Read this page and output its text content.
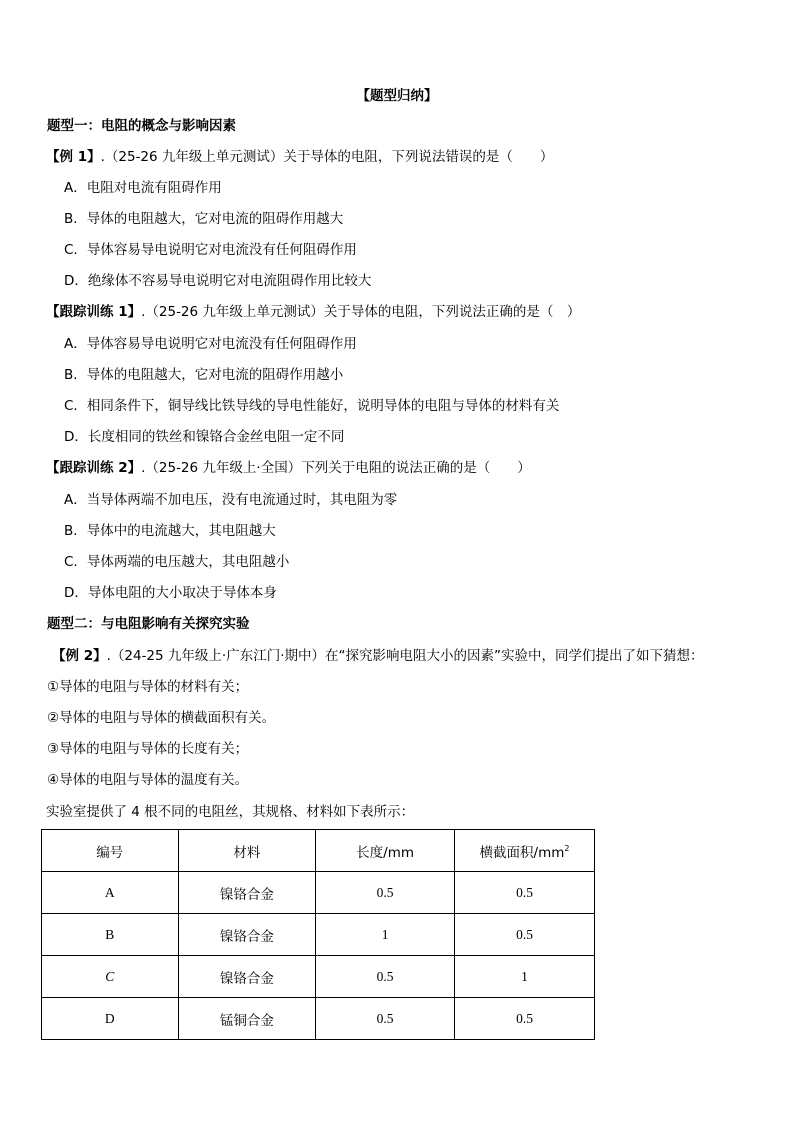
【题型归纳】
题型一：电阻的概念与影响因素
【例 1】.（25-26 九年级上单元测试）关于导体的电阻，下列说法错误的是（　　）
A．电阻对电流有阻碍作用
B．导体的电阻越大，它对电流的阻碍作用越大
C．导体容易导电说明它对电流没有任何阻碍作用
D．绝缘体不容易导电说明它对电流阻碍作用比较大
【跟踪训练 1】.（25-26 九年级上单元测试）关于导体的电阻，下列说法正确的是（　）
A．导体容易导电说明它对电流没有任何阻碍作用
B．导体的电阻越大，它对电流的阻碍作用越小
C．相同条件下，铜导线比铁导线的导电性能好，说明导体的电阻与导体的材料有关
D．长度相同的铁丝和镍铬合金丝电阻一定不同
【跟踪训练 2】.（25-26 九年级上·全国）下列关于电阻的说法正确的是（　　）
A．当导体两端不加电压，没有电流通过时，其电阻为零
B．导体中的电流越大，其电阻越大
C．导体两端的电压越大，其电阻越小
D．导体电阻的大小取决于导体本身
题型二：与电阻影响有关探究实验
【例 2】.（24-25 九年级上·广东江门·期中）在“探究影响电阻大小的因素”实验中，同学们提出了如下猜想：
①导体的电阻与导体的材料有关；
②导体的电阻与导体的横截面积有关。
③导体的电阻与导体的长度有关；
④导体的电阻与导体的温度有关。
实验室提供了 4 根不同的电阻丝，其规格、材料如下表所示：
编号	材料	长度/mm	横截面积$/mm^2$
A	镍铬合金	0.5	0.5
B	镍铬合金	1	0.5
C	镍铬合金	0.5	1
D	锰铜合金	0.5	0.5
